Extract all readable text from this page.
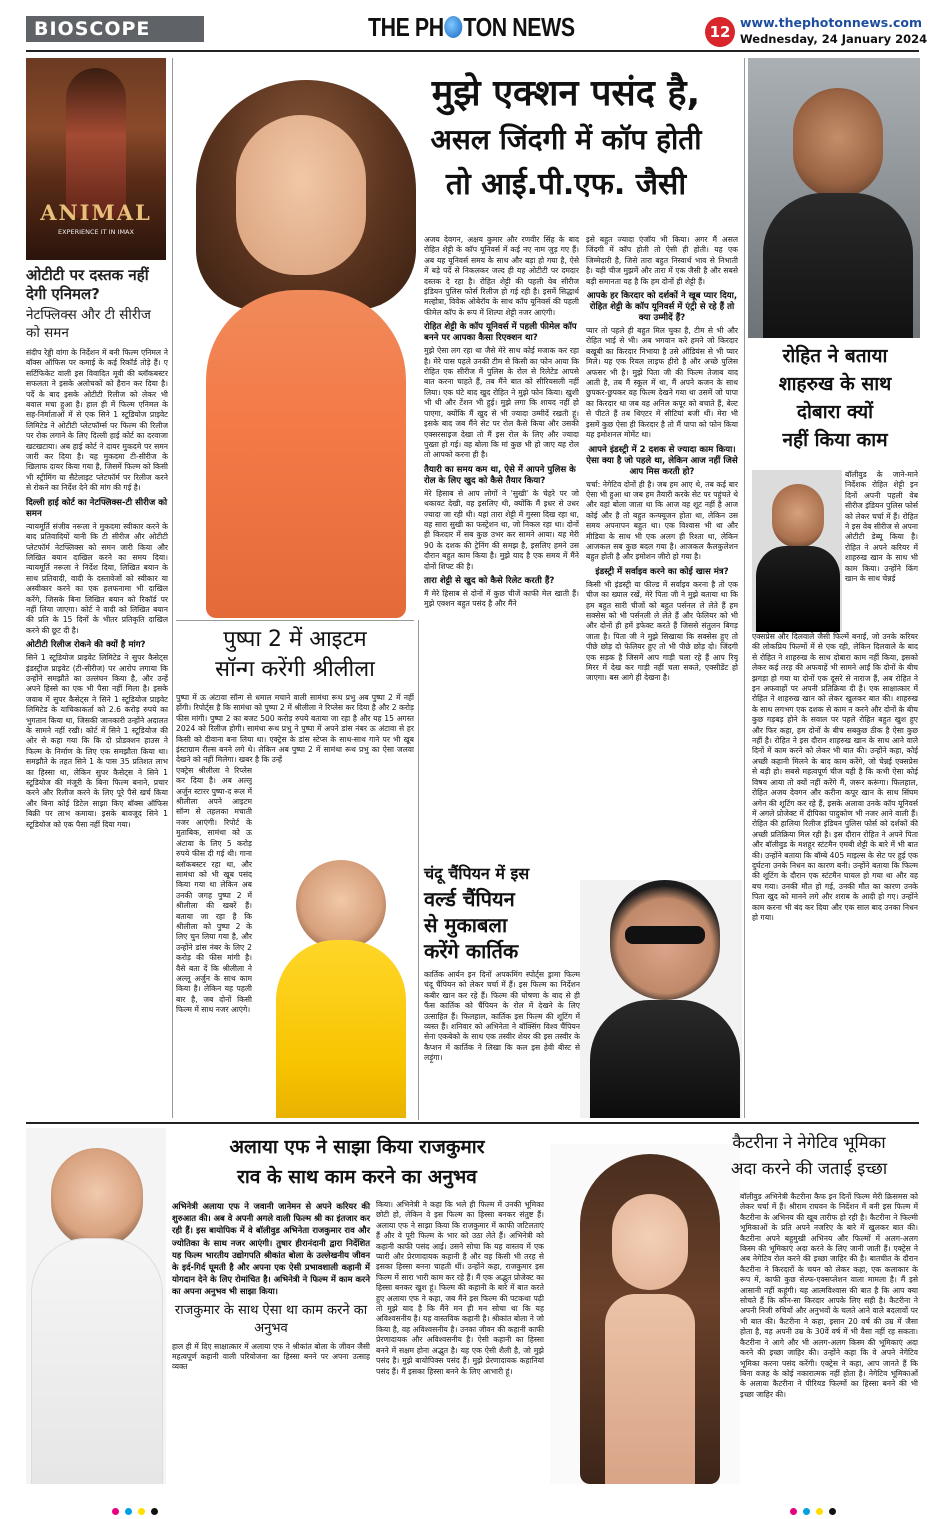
BIOSCOPE	THE PH TON NEWS	12
www.thephotonnews.com
Wednesday, 24 January 2024
ANIMAL
EXPERIENCE IT IN IMAX
ओटीटी पर दस्तक नहीं देगी एनिमल?
नेटफ्लिक्स और टी सीरीज को समन
संदीप रेड्डी वांगा के निर्देशन में बनी फिल्म एनिमल ने बॉक्स ऑफिस पर कमाई के कई रिकॉर्ड तोड़े हैं। ए सर्टिफिकेट वाली इस विवादित मूवी की ब्लॉकबस्टर सफलता ने इसके अलोचकों को हैरान कर दिया है। पर्दे के बाद इसके ओटीटी रिलीज को लेकर भी बवाल मचा हुआ है। हाल ही में फिल्म एनिमल के सह-निर्माताओं में से एक सिने 1 स्टूडियोज प्राइवेट लिमिटेड ने ओटीटी प्लेटफॉर्म्स पर फिल्म की रिलीज पर रोक लगाने के लिए दिल्ली हाई कोर्ट का दरवाजा खटखटाया। अब हाई कोर्ट ने दायर मुकदमे पर समन जारी कर दिया है। यह मुकदमा टी-सीरीज के खिलाफ दायर किया गया है, जिसमें फिल्म को किसी भी स्ट्रीमिंग या सैटेलाइट प्लेटफॉर्म पर रिलीज करने से रोकने का निर्देश देने की मांग की गई है।
दिल्ली हाई कोर्ट का नेटफ्लिक्स-टी सीरीज को समन
न्यायमूर्ति संजीव नरूला ने मुकदमा स्वीकार करने के बाद प्रतिवादियों यानी कि टी सीरीज और ओटीटी प्लेटफॉर्म नेटफ्लिक्स को समन जारी किया और लिखित बयान दाखिल करने का समय दिया। न्यायमूर्ति नरूला ने निर्देश दिया, लिखित बयान के साथ प्रतिवादी, वादी के दस्तावेजों को स्वीकार या अस्वीकार करने का एक हलफनामा भी दाखिल करेंगे, जिसके बिना लिखित बयान को रिकॉर्ड पर नहीं लिया जाएगा। कोर्ट ने वादी को लिखित बयान की प्रति के 15 दिनों के भीतर प्रतिकृति दाखिल करने की छूट दी है।
ओटीटी रिलीज रोकने की क्यों है मांग?
सिने 1 स्टूडियोज प्राइवेट लिमिटेड ने सुपर कैसेट्स इंडस्ट्रीज प्राइवेट (टी-सीरीज) पर आरोप लगाया कि उन्होंने समझौते का उल्लंघन किया है, और उन्हें अपने हिस्से का एक भी पैसा नहीं मिला है। इसके जवाब में सुपर कैसेट्स ने सिने 1 स्टूडियोज प्राइवेट लिमिटेड के याचिकाकर्ता को 2.6 करोड़ रुपये का भुगतान किया था, जिसकी जानकारी उन्होंने अदालत के सामने नहीं रखी। कोर्ट में सिने 1 स्टूडियोज की ओर से कहा गया कि कि दो प्रोडक्शन हाउस ने फिल्म के निर्माण के लिए एक समझौता किया था। समझौते के तहत सिने 1 के पास 35 प्रतिशत लाभ का हिस्सा था, लेकिन सुपर कैसेट्स ने सिने 1 स्टूडियोज की मंजूरी के बिना फिल्म बनाने, प्रचार करने और रिलीज करने के लिए पूरे पैसे खर्च किया और बिना कोई डिटेल साझा किए बॉक्स ऑफिस बिक्री पर लाभ कमाया। इसके बावजूद सिने 1 स्टूडियोज को एक पैसा नहीं दिया गया।
मुझे एक्शन पसंद है,
असल जिंदगी में कॉप होती
तो आई.पी.एफ. जैसी
अजय देवगन, अक्षय कुमार और रणवीर सिंह के बाद रोहित शेट्टी के कॉप यूनिवर्स में कई नए नाम जुड़ गए हैं। अब यह यूनिवर्स समय के साथ और बड़ा हो गया है, ऐसे में बड़े पर्दे से निकलकर जल्द ही यह ओटीटी पर दमदार दस्तक दे रहा है। रोहित शेट्टी की पहली वेब सीरीज इंडियन पुलिस फोर्स रिलीज हो गई रही है। इसमें सिद्धार्थ मल्होत्रा, विवेक ओबेरॉय के साथ कॉप यूनिवर्स की पहली फीमेल कॉप के रूप में शिल्पा शेट्टी नजर आएंगी।
रोहित शेट्टी के कॉप यूनिवर्स में पहली फीमेल कॉप बनने पर आपका कैसा रिएक्शन था?
मुझे ऐसा लग रहा था जैसे मेरे साथ कोई मजाक कर रहा है। मेरे पास पहले उनकी टीम से किसी का फोन आया कि रोहित एक सीरीज में पुलिस के रोल से रिलेटेड आपसे बात करना चाहते हैं, तब मैंने बात को सीरियसली नहीं लिया। एक घंटे बाद खुद रोहित ने मुझे फोन किया। खुशी भी थी और टेंशन भी हुई। मुझे लगा कि शायद नहीं हो पाएगा, क्योंकि मैं खुद से भी ज्यादा उम्मीदें रखती हूं। इसके बाद जब मैंने सेट पर रोल कैसे किया और उसकी एक्सरसाइज देखा तो मैं इस रोल के लिए और ज्यादा पुख्ता हो गई। वह बोला कि मां कुछ भी हो जाए यह रोल तो आपको करना ही है।
तैयारी का समय कम था, ऐसे में आपने पुलिस के रोल के लिए खुद को कैसे तैयार किया?
मेरे हिसाब से आप लोगों ने 'सुखी' के चेहरे पर जो थकावट देखी, वह इसलिए थी, क्योंकि मैं इधर से उधर ज्यादा जा रही थी। यहां तारा शेट्टी में गुस्सा दिख रहा था, वह सारा सुखी का फस्ट्रेशन था, जो निकल रहा था। दोनों ही किरदार में सब कुछ उभर कर सामने आया। यह मेरी 90 के दशक की ट्रेनिंग की समझ है, इसलिए हमने उस दौरान बहुत काम किया है। मुझे याद है एक समय में मैंने दोनों शिफ्ट की है।
तारा शेट्टी से खुद को कैसे रिलेट करती हैं?
मैं मेरे हिसाब से दोनों में कुछ चीजें काफी मेल खाती हैं। मुझे एक्शन बहुत पसंद है और मैंने
इसे बहुत ज्यादा एंजॉय भी किया। अगर मैं असल जिंदगी में कॉप होती तो ऐसी ही होती। यह एक जिम्मेदारी है, जिसे तारा बहुत निस्वार्थ भाव से निभाती है। यही चीज मुझमें और तारा में एक जैसी है और सबसे बड़ी समानता यह है कि हम दोनों ही शेट्टी हैं।
आपके हर किरदार को दर्शकों ने खूब प्यार दिया, रोहित शेट्टी के कॉप यूनिवर्स में एंट्री से रहे हैं तो क्या उम्मीदें हैं?
प्यार तो पहले ही बहुत मिल चुका है, टीम से भी और रोहित भाई से भी। अब भगवान करे हमने जो किरदार बखूबी का किरदार निभाया है उसे ऑडियंस से भी प्यार मिले। यह एक रियल लाइफ हीरो है और अच्छे पुलिस अफसर भी है। मुझे पिता जी की फिल्म तेजाब याद आती है, तब मैं स्कूल में था, मैं अपने कजन के साथ छुपकर-छुपकर वह फिल्म देखने गया था उसमें जो पापा का किरदार था जब वह अनिल कपूर को बचाते हैं, बेल्ट से पीटते हैं तब थिएटर में सीटियां बजी थीं। मेरा भी इसमें कुछ ऐसा ही किरदार है तो मैं पापा को फोन किया यह इमोशनल मोमेंट था।
आपने इंडस्ट्री में 2 दशक से ज्यादा काम किया। ऐसा क्या है जो पहले था, लेकिन आज नहीं जिसे आप मिस करती हो?
चर्चा: नेगेटिव दोनों ही है। जब हम आए थे, तब कई बार ऐसा भी हुआ था जब हम तैयारी करके सेट पर पहुंचते थे और वहां बोला जाता था कि आज वह शूट नहीं है आज कोई और है तो बहुत कन्फ्यूजन होता था, लेकिन उस समय अपनापन बहुत था। एक विश्वास भी था और मीडिया के साथ भी एक अलग ही रिश्ता था, लेकिन आजकल सब कुछ बदल गया है। आजकल कैलकुलेशन बहुत होती है और इमोशन जीरो हो गया है।
इंडस्ट्री में सर्वाइव करने का कोई खास मंत्र?
किसी भी इंडस्ट्री या फील्ड में सर्वाइव करना है तो एक चीज का ख्याल रखें, मेरे पिता जी ने मुझे बताया था कि हम बहुत सारी चीजों को बहुत पर्सनल ले लेते हैं हम सक्सेस को भी पर्सनली ले लेते हैं और फेलियर को भी और दोनों ही हमें इफेक्ट करते हैं जिससे संतुलन बिगड़ जाता है। पिता जी ने मुझे सिखाया कि सक्सेस हुए तो पीछे छोड़ दो फेलियर हुए तो भी पीछे छोड़ दो। जिंदगी एक सड़क है जिसमें आप गाड़ी चला रहे हैं आप रियू मिरर में देख कर गाड़ी नहीं चला सकते, एक्सीडेंट हो जाएगा। बस आगे ही देखना है।
पुष्पा 2 में आइटम
सॉन्ग करेंगी श्रीलीला
पुष्पा में ऊ अंटावा सॉन्ग से धमाल मचाने वाली सामंथा रूथ प्रभु अब पुष्पा 2 में नहीं होंगी। रिपोर्ट्स है कि सामंथा को पुष्पा 2 में श्रीलीला ने रिप्लेस कर दिया है और 2 करोड़ फीस मांगी। पुष्पा 2 का बजट 500 करोड़ रुपये बताया जा रहा है और यह 15 अगस्त 2024 को रिलीज होगी। सामंथा रूथ प्रभु ने पुष्पा में अपने डांस नंबर ऊ अंटावा से हर किसी को दीवाना बना लिया था। एक्ट्रेस के डांस स्टेप्स के साथ-साथ गाने पर भी खूब इंस्टाग्राम रील्स बनने लगे थे। लेकिन अब पुष्पा 2 में सामंथा रूथ प्रभु का ऐसा जलवा देखने को नहीं मिलेगा। खबर है कि उन्हें
एक्ट्रेस श्रीलीला ने रिप्लेस कर दिया है। अब अल्लू अर्जुन स्टारर पुष्पा-द रूल में श्रीलीला अपने आइटम सॉन्ग से तहलका मचाती नजर आएंगी। रिपोर्ट के मुताबिक, सामंथा को ऊ अंटावा के लिए 5 करोड़ रुपये फीस दी गई थी। गाना ब्लॉकबस्टर रहा था, और सामंथा को भी खूब पसंद किया गया था लेकिन अब उनकी जगह पुष्पा 2 में श्रीलीला की खबरें हैं। बताया जा रहा है कि श्रीलीला को पुष्पा 2 के लिए चुन लिया गया है, और उन्होंने डांस नंबर के लिए 2 करोड़ की फीस मांगी है। वैसे बता दें कि श्रीलीला ने अल्लू अर्जुन के साथ काम किया है। लेकिन यह पहली बार है, जब दोनों किसी फिल्म में साथ नजर आएंगे।
चंदू चैंपियन में इस
वर्ल्ड चैंपियन
से मुकाबला
करेंगे कार्तिक
कार्तिक आर्यन इन दिनों अपकमिंग स्पोर्ट्स ड्रामा फिल्म चंदू चैंपियन को लेकर चर्चा में हैं। इस फिल्म का निर्देशन कबीर खान कर रहे हैं। फिल्म की घोषणा के बाद से ही फैंस कार्तिक को चैंपियन के रोल में देखने के लिए उत्साहित हैं। फिलहाल, कार्तिक इस फिल्म की शूटिंग में व्यस्त हैं। शनिवार को अभिनेता ने बॉक्सिंग विश्व चैंपियन सेना एकबेको के साथ एक तस्वीर शेयर की इस तस्वीर के कैप्शन में कार्तिक ने लिखा कि कल इस हेवी बीस्ट से लड़ूंगा।
रोहित ने बताया
शाहरुख के साथ
दोबारा क्यों
नहीं किया काम
बॉलीवुड के जाने-माने निर्देशक रोहित शेट्टी इन दिनों अपनी पहली वेब सीरीज इंडियन पुलिस फोर्स को लेकर चर्चा में हैं। रोहित ने इस वेब सीरीज से अपना ओटीटी डेब्यू किया है। रोहित ने अपने करियर में शाहरुख खान के साथ भी काम किया। उन्होंने किंग खान के साथ चेन्नई
एक्सप्रेस और दिलवाले जैसी फिल्में बनाईं, जो उनके करियर की लोकप्रिय फिल्मों में से एक रही, लेकिन दिलवाले के बाद से रोहित ने शाहरुख के साथ दोबारा काम नहीं किया, इसको लेकर कई तरह की अफवाहें भी सामने आईं कि दोनों के बीच झगड़ा हो गया या दोनों एक दूसरे से नाराज हैं, अब रोहित ने इन अफवाहों पर अपनी प्रतिक्रिया दी है। एक साक्षात्कार में रोहित ने शाहरुख खान को लेकर खुलकर बात की। शाहरुख के साथ लगभग एक दशक से काम न करने और दोनों के बीच कुछ गड़बड़ होने के सवाल पर पहले रोहित बहुत खुश हुए और फिर कहा, हम दोनों के बीच सबकुछ ठीक है ऐसा कुछ नहीं है। रोहित ने इस दौरान शाहरुख खान के साथ आने वाले दिनों में काम करने को लेकर भी बात की। उन्होंने कहा, कोई अच्छी कहानी मिलने के बाद काम करेंगे, जो चेन्नई एक्सप्रेस से बड़ी हो। सबसे महत्वपूर्ण चीज यही है कि कभी ऐसा कोई विषय आया तो क्यों नहीं करेंगे मैं, जरूर करूंगा। फिलहाल, रोहित अजय देवगन और करीना कपूर खान के साथ सिंघम अगेन की शूटिंग कर रहे हैं, इसके अलावा उनके कॉप यूनिवर्स में अगले प्रोजेक्ट में दीपिका पादुकोण भी नजर आने वाली हैं। रोहित की हालिया रिलीज इंडियन पुलिस फोर्स को दर्शकों की अच्छी प्रतिक्रिया मिल रही है। इस दौरान रोहित ने अपने पिता और बॉलीवुड के मशहूर स्टंटमैन एमबी शेट्टी के बारे में भी बात की। उन्होंने बताया कि बॉम्बे 405 माइल्स के सेट पर हुई एक दुर्घटना उनके निधन का कारण बनी। उन्होंने बताया कि फिल्म की शूटिंग के दौरान एक स्टंटमैन घायल हो गया था और वह बच गया। उनकी मौत हो गई, उनकी मौत का कारण उनके पिता खुद को मानने लगे और शराब के आदी हो गए। उन्होंने काम करना भी बंद कर दिया और एक साल बाद उनका निधन हो गया।
अलाया एफ ने साझा किया राजकुमार
राव के साथ काम करने का अनुभव
अभिनेत्री अलाया एफ ने जवानी जानेमन से अपने करियर की शुरुआत की। अब वे अपनी अगले वाली फिल्म श्री का इंतजार कर रही हैं। इस बायोपिक में वे बॉलीवुड अभिनेता राजकुमार राव और ज्योतिका के साथ नजर आएंगी। तुषार हीरानंदानी द्वारा निर्देशित यह फिल्म भारतीय उद्योगपति श्रीकांत बोला के उल्लेखनीय जीवन के इर्द-गिर्द घूमती है और अपना एक ऐसी प्रभावशाली कहानी में योगदान देने के लिए रोमांचित है। अभिनेत्री ने फिल्म में काम करने का अपना अनुभव भी साझा किया।
राजकुमार के साथ ऐसा था काम करने का अनुभव
हाल ही में दिए साक्षात्कार में अलाया एफ ने श्रीकांत बोला के जीवन जैसी महत्वपूर्ण कहानी वाली परियोजना का हिस्सा बनने पर अपना उत्साह व्यक्त
किया। अभिनेत्री ने कहा कि भले ही फिल्म में उनकी भूमिका छोटी हो, लेकिन वे इस फिल्म का हिस्सा बनकर संतुष्ट हैं। अलाया एफ ने साझा किया कि राजकुमार में काफी जटिलताएं हैं और वे पूरी फिल्म के भार को उठा लेते हैं। अभिनेत्री को कहानी काफी पसंद आई। उसने सोचा कि यह वास्तव में एक प्यारी और प्रेरणादायक कहानी है और वह किसी भी तरह से इसका हिस्सा बनना चाहती थीं। उन्होंने कहा, राजकुमार इस फिल्म में सारा भारी काम कर रहे हैं। मैं एक अद्भुत प्रोजेक्ट का हिस्सा बनकर खुश हूं। फिल्म की कहानी के बारे में बात करते हुए अलाया एफ ने कहा, जब मैंने इस फिल्म की पटकथा पढ़ी तो मुझे याद है कि मैंने मन ही मन सोचा था कि यह अविश्वसनीय है। यह वास्तविक कहानी है। श्रीकांत बोला ने जो किया है, वह अविश्वसनीय है। उनका जीवन की कहानी काफी प्रेरणादायक और अविश्वसनीय है। ऐसी कहानी का हिस्सा बनने में सक्षम होना अद्भुत है। यह एक ऐसी शैली है, जो मुझे पसंद है। मुझे बायोपिक्स पसंद हैं। मुझे प्रेरणादायक कहानियां पसंद हैं। मैं इसका हिस्सा बनने के लिए आभारी हूं।
कैटरीना ने नेगेटिव भूमिका
अदा करने की जताई इच्छा
बॉलीवुड अभिनेत्री कैटरीना कैफ इन दिनों फिल्म मेरी क्रिसमस को लेकर चर्चा में हैं। श्रीराम राघवन के निर्देशन में बनी इस फिल्म में कैटरीना के अभिनय की खूब तारीफ हो रही है। कैटरीना ने फिल्मी भूमिकाओं के प्रति अपने नजरिए के बारे में खुलकर बात की। कैटरीना अपने बहुमुखी अभिनय और फिल्मों में अलग-अलग किस्म की भूमिकाएं अदा करने के लिए जानी जाती हैं। एक्ट्रेस ने अब नेगेटिव रोल करने की इच्छा जाहिर की है। बातचीत के दौरान कैटरीना ने किरदारों के चयन को लेकर कहा, एक कलाकार के रूप में, काफी कुछ सेल्फ-एक्सप्लेशन वाला मामला है। मैं इसे आसानी नहीं कहूंगी। यह आत्मविश्वास की बात है कि आप क्या सोचते हैं कि कौन-सा किरदार आपके लिए सही है। कैटरीना ने अपनी निजी रुचियों और अनुभवों के चलते आने वाले बदलावों पर भी बात की। कैटरीना ने कहा, इसान 20 वर्ष की उम्र में जैसा होता है, वह अपनी उम्र के 30वें वर्ष में भी वैसा नहीं रह सकता। कैटरीना ने आगे और भी अलग-अलग किस्म की भूमिकाएं अदा करने की इच्छा जाहिर की। उन्होंने कहा कि वे अपने नेगेटिव भूमिका करना पसंद करेंगी। एक्ट्रेस ने कहा, आप जानते हैं कि बिना वजह के कोई नकारात्मक नहीं होता है। नेगेटिव भूमिकाओं के अलावा कैटरीना ने पीरियड फिल्मों का हिस्सा बनने की भी इच्छा जाहिर की।
